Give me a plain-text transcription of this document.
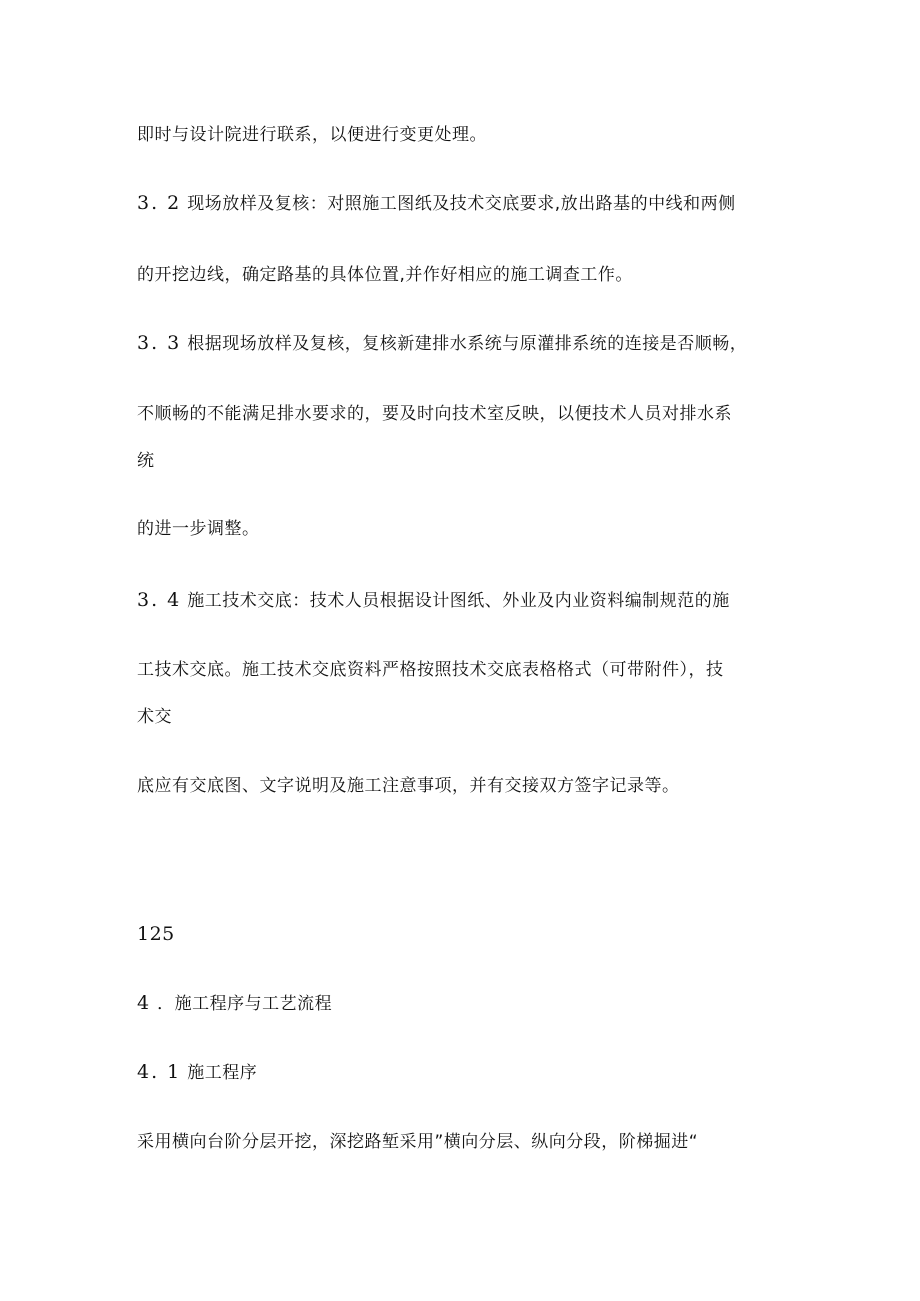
即时与设计院进行联系，以便进行变更处理。
3. 2 现场放样及复核：对照施工图纸及技术交底要求,放出路基的中线和两侧
的开挖边线，确定路基的具体位置,并作好相应的施工调查工作。
3. 3 根据现场放样及复核，复核新建排水系统与原灌排系统的连接是否顺畅，
不顺畅的不能满足排水要求的，要及时向技术室反映，以便技术人员对排水系
统
的进一步调整。
3. 4 施工技术交底：技术人员根据设计图纸、外业及内业资料编制规范的施
工技术交底。施工技术交底资料严格按照技术交底表格格式（可带附件），技
术交
底应有交底图、文字说明及施工注意事项，并有交接双方签字记录等。
125
4 ．施工程序与工艺流程
4. 1 施工程序
采用横向台阶分层开挖，深挖路堑采用”横向分层、纵向分段，阶梯掘进“
